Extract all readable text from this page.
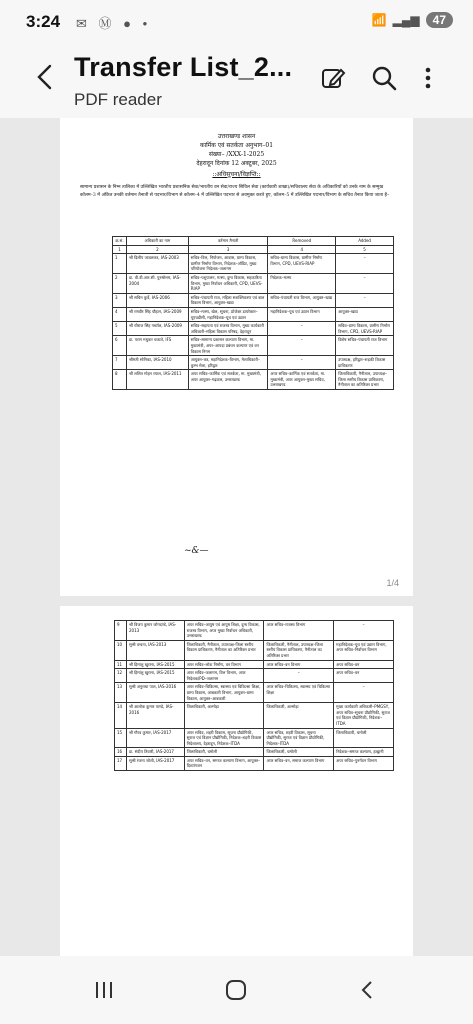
3:24 ✉ Ⓜ ● •	📶 ▂▄▆	47
Transfer List_2...
PDF reader
उत्तराखण्ड शासन
कार्मिक एवं सतर्कता अनुभाग–01
संख्या– /XXX-1-2025
देहरादून दिनांक 12 अक्टूबर, 2025
::अधिसूचना/विज्ञप्ति::
सामान्य प्रशासन के निम्न तालिका में उल्लिखित भारतीय प्रशासनिक सेवा/भारतीय वन सेवा/राज्य सिविल सेवा (कार्यकारी शाखा)/सचिवालय सेवा के अधिकारियों को उनके नाम के सम्मुख कॉलम–3 में अंकित उनकी वर्तमान तैनाती से पदभार/विभाग से कॉलम–4 में उल्लिखित पदभार से अवमुक्त करते हुए, कॉलम–5 में उल्लिखित पदभार/विभाग के सचिव तैनात किया जाता है–
क्र.सं.	अधिकारी का नाम	वर्तमान तैनाती	Removed	Added
1	2	3	4	5
1	श्री दिलीप जावलकर, IAS-2003	सचिव–वित्त, नियोजन, आवास, ग्राम्य विकास, ग्रामीण निर्माण विभाग, निदेशक–ऑडिट, मुख्य परियोजना निदेशक–जलागम	सचिव–ग्राम्य विकास, ग्रामीण निर्माण विभाग, CPD, UEVS-RIAP	–
2	डा. वी.वी.आर.सी. पुरुषोत्तम, IAS-2004	सचिव–पशुपालन, मत्स्य, दुग्ध विकास, सहकारिता विभाग, मुख्य निर्वाचन अधिकारी, CPD, UEVS-RIAP	निदेशक–मत्स्य	–
3	श्री सचिन कुर्वे, IAS-2006	सचिव–पंचायती राज, महिला सशक्तिकरण एवं बाल विकास विभाग, आयुक्त–खाद्य	सचिव–पंचायती राज विभाग, आयुक्त–खाद्य	–
4	श्री रणवीर सिंह चौहान, IAS-2009	सचिव–मत्स्य, खेल, सूचना, प्रोजेक्ट डायरेक्टर–यूएचडीसी, महानिदेशक–यूथ एवं उद्यान	महानिदेशक–यूथ एवं उद्यान विभाग	आयुक्त–खाद्य
5	श्री धीराज सिंह गर्ब्याल, IAS-2009	सचिव–सहायता एवं राजस्व विभाग, मुख्य कार्यकारी अधिकारी–महिला विकास परिषद, देहरादून	–	सचिव–ग्राम्य विकास, ग्रामीण निर्माण विभाग, CPD, UEVS-RIAP
6	डा. पराग मधुकर धकाते, IFS	सचिव–सामान्य प्रशासन कल्याण विभाग, मा. मुख्यमंत्री, अपर–आपदा प्रबंधन कल्याण एवं वन विकास निगम	–	विशेष सचिव–पंचायती राज विभाग
7	श्रीमती सोनिका, IAS-2010	आयुक्त–कर, महानिदेशक–विभाग, मेलाधिकारी–कुम्भ मेला, हरिद्वार	–	उपाध्यक्ष, हरिद्वार–रूड़की विकास प्राधिकरण
8	श्री ललित मोहन रयाल, IAS-2011	अपर सचिव–कार्मिक एवं सतर्कता, मा. मुख्यमंत्री, अपर आयुक्त–गढ़वाल, उत्तराखण्ड	अपर सचिव–कार्मिक एवं सतर्कता, मा. मुख्यमंत्री, अपर आयुक्त–मुख्य सचिव, उत्तराखण्ड	जिलाधिकारी, नैनीताल, उपाध्यक्ष–जिला स्तरीय विकास प्राधिकरण, नैनीताल का अतिरिक्त प्रभार
~&—
1/4
9	श्री विजय कुमार जोगदण्डे, IAS-2013	अपर सचिव–आयुष एवं आयुष शिक्षा, दुग्ध विकास, राजस्व विभाग, अपर मुख्य निर्वाचन अधिकारी, उत्तराखण्ड	अपर सचिव–राजस्व विभाग	–
10	सुश्री वन्दना, IAS-2013	जिलाधिकारी, नैनीताल, उपाध्यक्ष–जिला स्तरीय विकास प्राधिकरण, नैनीताल का अतिरिक्त प्रभार	जिलाधिकारी, नैनीताल, उपाध्यक्ष–जिला स्तरीय विकास प्राधिकरण, नैनीताल का अतिरिक्त प्रभार	महानिदेशक–यूथ एवं उद्यान विभाग, अपर सचिव–निर्वाचन विभाग
11	श्री हिमांशु खुराना, IAS-2015	अपर सचिव–लोक निर्माण, वन विभाग	अपर सचिव–वन विभाग	अपर सचिव–वन
12	श्री हिमांशु खुराना, IAS-2015	अपर सचिव–जलागम, वित्त विभाग, अपर निदेशक/PD–जलागम	–	अपर सचिव–वन
13	सुश्री अनुराधा पाल, IAS-2016	अपर सचिव–चिकित्सा, स्वास्थ्य एवं चिकित्सा शिक्षा, ग्राम्य विकास, आबकारी विभाग, आयुक्त–ग्राम्य विकास, आयुक्त–आबकारी	अपर सचिव–चिकित्सा, स्वास्थ्य एवं चिकित्सा शिक्षा	–
14	श्री आलोक कुमार पाण्डे, IAS-2016	जिलाधिकारी, अल्मोड़ा	जिलाधिकारी, अल्मोड़ा	मुख्य कार्यकारी अधिकारी–PMGSY, अपर सचिव–सूचना प्रौद्योगिकी, सुराज एवं विज्ञान प्रौद्योगिकी, निदेशक–ITDA
15	श्री गौरव कुमार, IAS-2017	अपर सचिव, शहरी विकास, सूचना प्रौद्योगिकी, सुराज एवं विज्ञान प्रौद्योगिकी, निदेशक–शहरी विकास निदेशालय, देहरादून, निदेशक–ITDA	अपर सचिव, शहरी विकास, सूचना प्रौद्योगिकी, सुराज एवं विज्ञान प्रौद्योगिकी, निदेशक–ITDA	जिलाधिकारी, चमोली
16	डा. संदीप तिवारी, IAS-2017	जिलाधिकारी, चमोली	जिलाधिकारी, चमोली	निदेशक–समाज कल्याण, हल्द्वानी
17	सुश्री रंजना जोशी, IAS-2017	अपर सचिव–वन, समाज कल्याण विभाग, आयुक्त–दिव्यांगजन	अपर सचिव–वन, समाज कल्याण विभाग	अपर सचिव–पुनर्गठन विभाग
